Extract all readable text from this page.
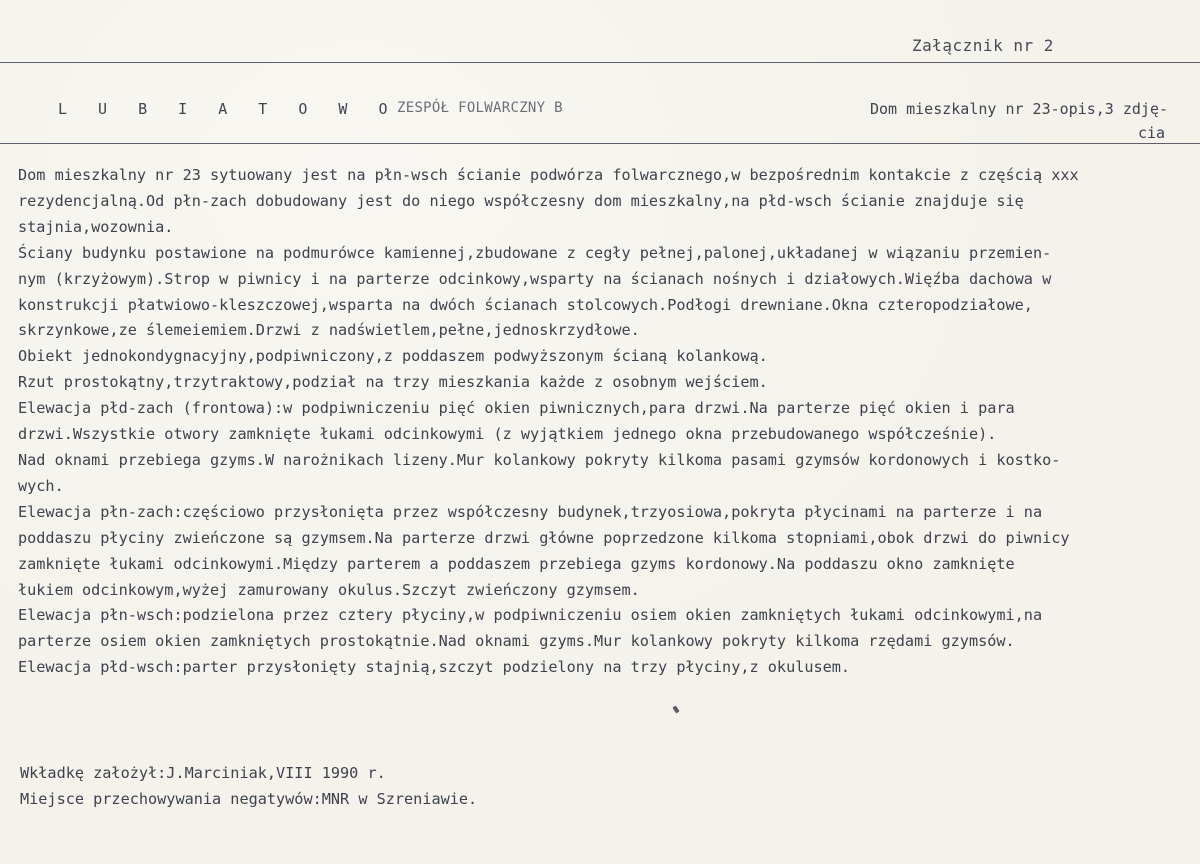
Załącznik nr 2
L U B I A T O W O
ZESPÓŁ FOLWARCZNY B	Dom mieszkalny nr 23-opis,3 zdję-
cia
Dom mieszkalny nr 23 sytuowany jest na płn-wsch ścianie podwórza folwarcznego,w bezpośrednim kontakcie z częścią xxx
rezydencjalną.Od płn-zach dobudowany jest do niego współczesny dom mieszkalny,na płd-wsch ścianie znajduje się
stajnia,wozownia.
Ściany budynku postawione na podmurówce kamiennej,zbudowane z cegły pełnej,palonej,układanej w wiązaniu przemien-
nym (krzyżowym).Strop w piwnicy i na parterze odcinkowy,wsparty na ścianach nośnych i działowych.Więźba dachowa w
konstrukcji płatwiowo-kleszczowej,wsparta na dwóch ścianach stolcowych.Podłogi drewniane.Okna czteropodziałowe,
skrzynkowe,ze ślemeiemiem.Drzwi z nadświetlem,pełne,jednoskrzydłowe.
Obiekt jednokondygnacyjny,podpiwniczony,z poddaszem podwyższonym ścianą kolankową.
Rzut prostokątny,trzytraktowy,podział na trzy mieszkania każde z osobnym wejściem.
Elewacja płd-zach (frontowa):w podpiwniczeniu pięć okien piwnicznych,para drzwi.Na parterze pięć okien i para
drzwi.Wszystkie otwory zamknięte łukami odcinkowymi (z wyjątkiem jednego okna przebudowanego współcześnie).
Nad oknami przebiega gzyms.W narożnikach lizeny.Mur kolankowy pokryty kilkoma pasami gzymsów kordonowych i kostko-
wych.
Elewacja płn-zach:częściowo przysłonięta przez współczesny budynek,trzyosiowa,pokryta płycinami na parterze i na
poddaszu płyciny zwieńczone są gzymsem.Na parterze drzwi główne poprzedzone kilkoma stopniami,obok drzwi do piwnicy
zamknięte łukami odcinkowymi.Między parterem a poddaszem przebiega gzyms kordonowy.Na poddaszu okno zamknięte
łukiem odcinkowym,wyżej zamurowany okulus.Szczyt zwieńczony gzymsem.
Elewacja płn-wsch:podzielona przez cztery płyciny,w podpiwniczeniu osiem okien zamkniętych łukami odcinkowymi,na
parterze osiem okien zamkniętych prostokątnie.Nad oknami gzyms.Mur kolankowy pokryty kilkoma rzędami gzymsów.
Elewacja płd-wsch:parter przysłonięty stajnią,szczyt podzielony na trzy płyciny,z okulusem.
Wkładkę założył:J.Marciniak,VIII 1990 r.
Miejsce przechowywania negatywów:MNR w Szreniawie.
